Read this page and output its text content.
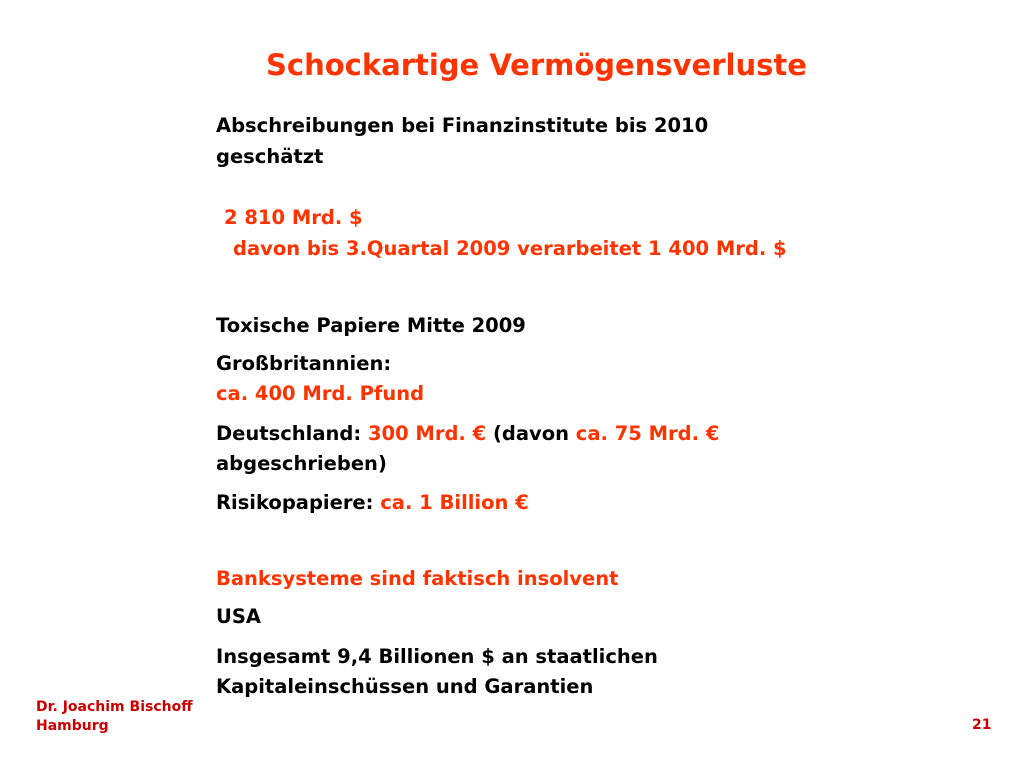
Schockartige Vermögensverluste
Abschreibungen bei Finanzinstitute bis 2010
geschätzt
2 810 Mrd. $
davon bis 3.Quartal 2009 verarbeitet 1 400 Mrd. $
Toxische Papiere Mitte 2009
Großbritannien:
ca. 400 Mrd. Pfund
Deutschland: 300 Mrd. € (davon ca. 75 Mrd. €
abgeschrieben)
Risikopapiere: ca. 1 Billion €
Banksysteme sind faktisch insolvent
USA
Insgesamt 9,4 Billionen $ an staatlichen
Kapitaleinschüssen und Garantien
Dr. Joachim Bischoff
Hamburg	21
